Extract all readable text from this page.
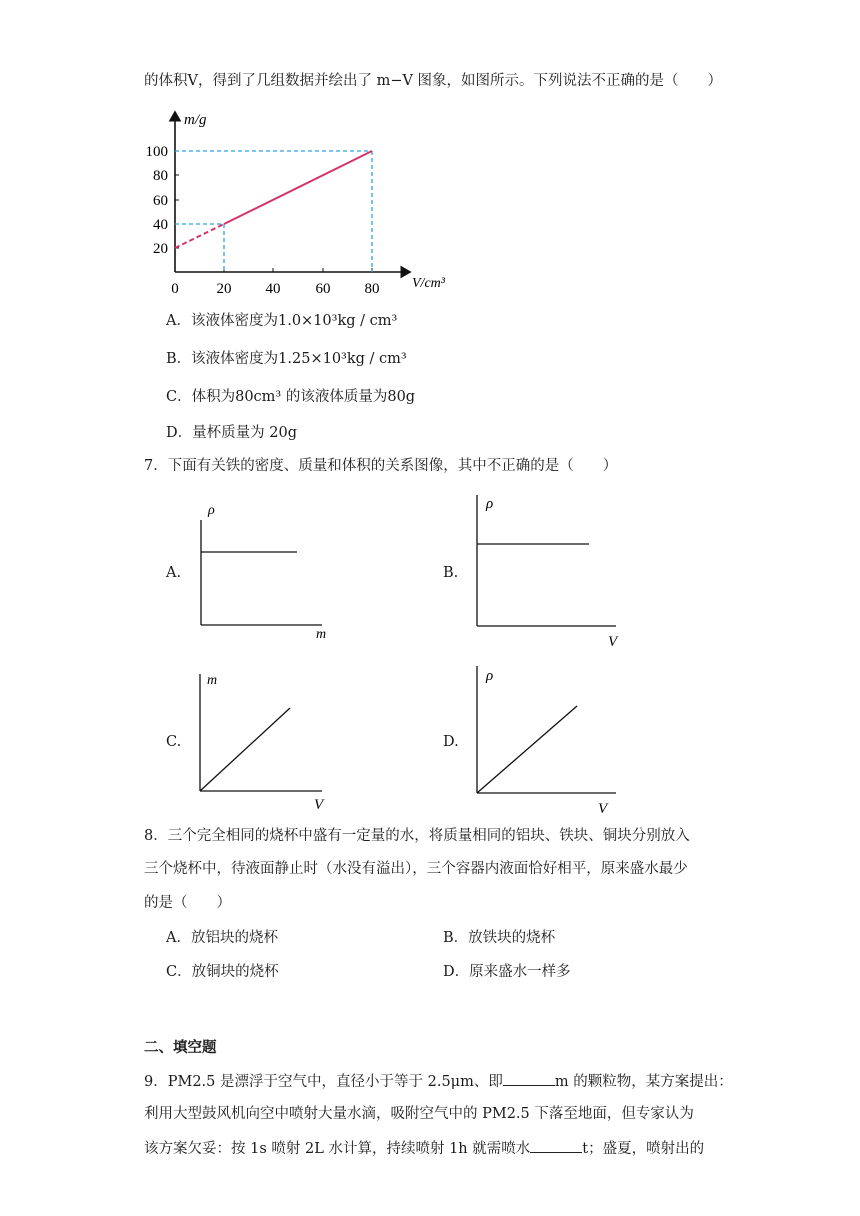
的体积V，得到了几组数据并绘出了 m−V 图象，如图所示。下列说法不正确的是（　　）
100
80
60
40
20
0	20 40 60 80
m/g
V/cm³
A．该液体密度为1.0×10³kg / cm³
B．该液体密度为1.25×10³kg / cm³
C．体积为80cm³ 的该液体质量为80g
D．量杯质量为 20g
7．下面有关铁的密度、质量和体积的关系图像，其中不正确的是（　　）
A.
ρ
m
B.
ρ
V
C.
m
V
D.
ρ
V
8．三个完全相同的烧杯中盛有一定量的水，将质量相同的铝块、铁块、铜块分别放入
三个烧杯中，待液面静止时（水没有溢出），三个容器内液面恰好相平，原来盛水最少
的是（　　）
A．放铝块的烧杯	B．放铁块的烧杯
C．放铜块的烧杯	D．原来盛水一样多
二、填空题
9．PM2.5 是漂浮于空气中，直径小于等于 2.5μm、即	m 的颗粒物，某方案提出：
利用大型鼓风机向空中喷射大量水滴，吸附空气中的 PM2.5 下落至地面，但专家认为
该方案欠妥：按 1s 喷射 2L 水计算，持续喷射 1h 就需喷水	t；盛夏，喷射出的
